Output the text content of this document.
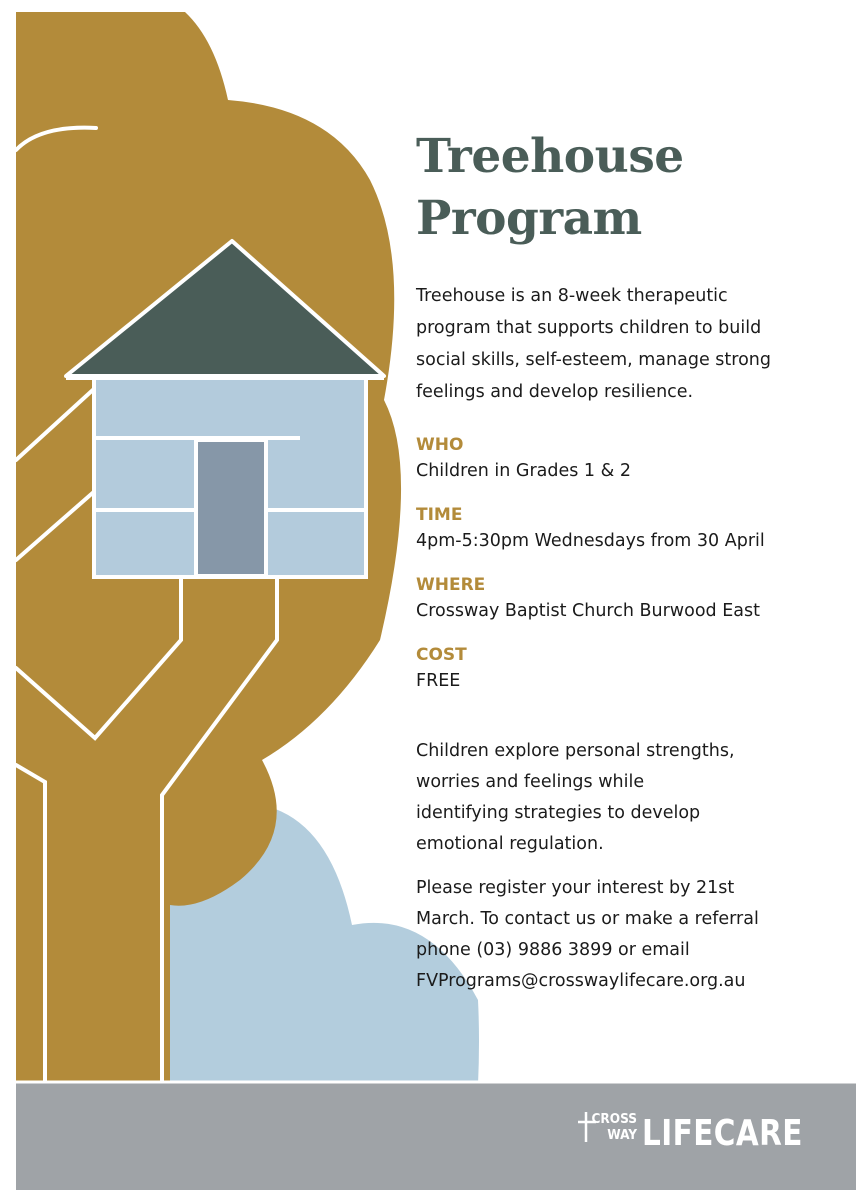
Treehouse
Program
Treehouse is an 8-week therapeutic
program that supports children to build
social skills, self-esteem, manage strong
feelings and develop resilience.
WHO
Children in Grades 1 & 2
TIME
4pm-5:30pm Wednesdays from 30 April
WHERE
Crossway Baptist Church Burwood East
COST
FREE
Children explore personal strengths,
worries and feelings while
identifying strategies to develop
emotional regulation.
Please register your interest by 21st
March. To contact us or make a referral
phone (03) 9886 3899 or email
FVPrograms@crosswaylifecare.org.au
CROSS
WAY LIFECARE
